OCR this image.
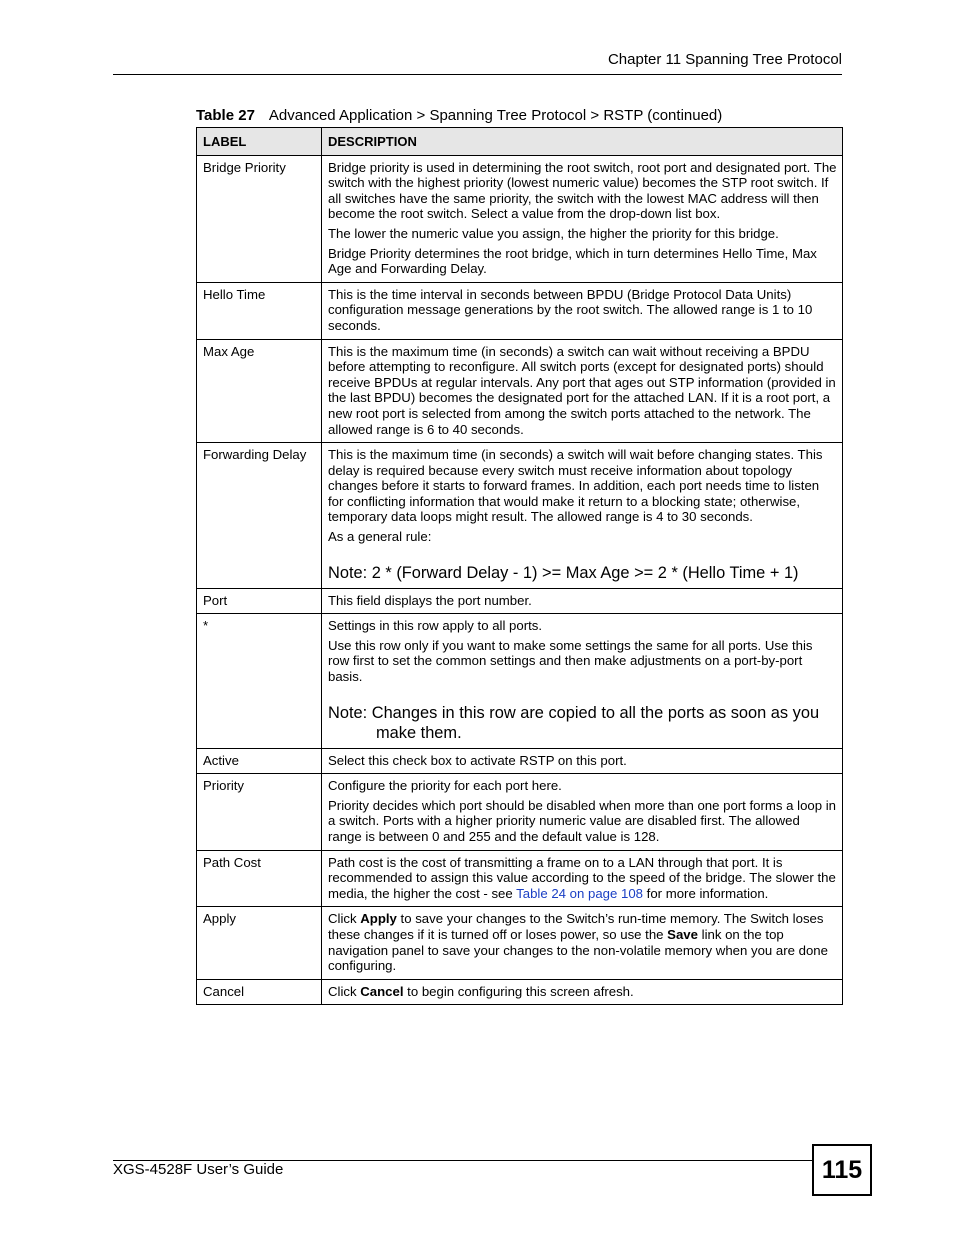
Chapter 11 Spanning Tree Protocol
Table 27 Advanced Application > Spanning Tree Protocol > RSTP (continued)
LABEL	DESCRIPTION
Bridge Priority	Bridge priority is used in determining the root switch, root port and designated port. The switch with the highest priority (lowest numeric value) becomes the STP root switch. If all switches have the same priority, the switch with the lowest MAC address will then become the root switch. Select a value from the drop-down list box.
The lower the numeric value you assign, the higher the priority for this bridge.
Bridge Priority determines the root bridge, which in turn determines Hello Time, Max Age and Forwarding Delay.

Hello Time	This is the time interval in seconds between BPDU (Bridge Protocol Data Units) configuration message generations by the root switch. The allowed range is 1 to 10 seconds.

Max Age	This is the maximum time (in seconds) a switch can wait without receiving a BPDU before attempting to reconfigure. All switch ports (except for designated ports) should receive BPDUs at regular intervals. Any port that ages out STP information (provided in the last BPDU) becomes the designated port for the attached LAN. If it is a root port, a new root port is selected from among the switch ports attached to the network. The allowed range is 6 to 40 seconds.

Forwarding Delay	This is the maximum time (in seconds) a switch will wait before changing states. This delay is required because every switch must receive information about topology changes before it starts to forward frames. In addition, each port needs time to listen for conflicting information that would make it return to a blocking state; otherwise, temporary data loops might result. The allowed range is 4 to 30 seconds.
As a general rule:
Note: 2 * (Forward Delay - 1) >= Max Age >= 2 * (Hello Time + 1)

Port	This field displays the port number.

*	Settings in this row apply to all ports.
Use this row only if you want to make some settings the same for all ports. Use this row first to set the common settings and then make adjustments on a port-by-port basis.
Note: Changes in this row are copied to all the ports as soon as you make them.

Active	Select this check box to activate RSTP on this port.

Priority	Configure the priority for each port here.
Priority decides which port should be disabled when more than one port forms a loop in a switch. Ports with a higher priority numeric value are disabled first. The allowed range is between 0 and 255 and the default value is 128.

Path Cost	Path cost is the cost of transmitting a frame on to a LAN through that port. It is recommended to assign this value according to the speed of the bridge. The slower the media, the higher the cost - see Table 24 on page 108 for more information.

Apply	Click Apply to save your changes to the Switch’s run-time memory. The Switch loses these changes if it is turned off or loses power, so use the Save link on the top navigation panel to save your changes to the non-volatile memory when you are done configuring.

Cancel	Click Cancel to begin configuring this screen afresh.
XGS-4528F User’s Guide	115
